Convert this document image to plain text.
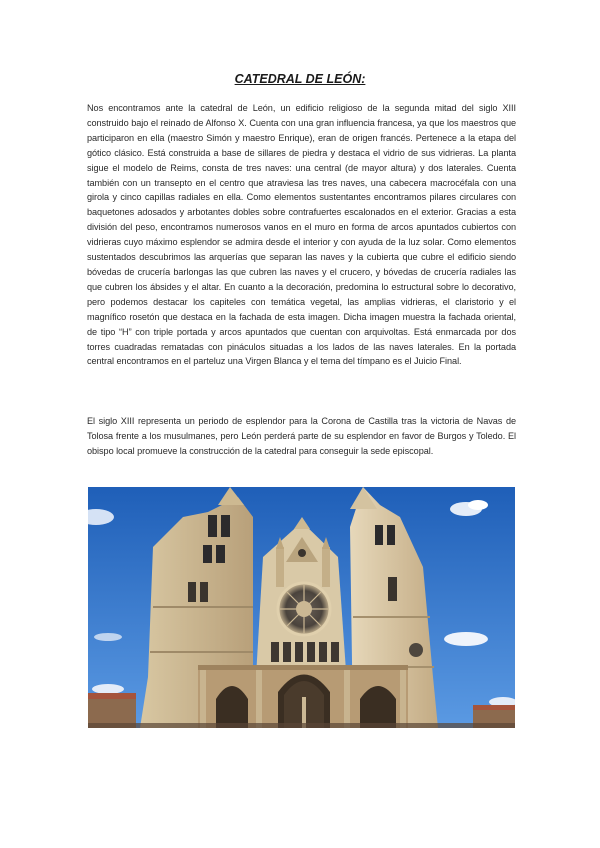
CATEDRAL DE LEÓN:

Nos encontramos ante la catedral de León, un edificio religioso de la segunda mitad del siglo XIII construido bajo el reinado de Alfonso X. Cuenta con una gran influencia francesa, ya que los maestros que participaron en ella (maestro Simón y maestro Enrique), eran de origen francés. Pertenece a la etapa del gótico clásico. Está construida a base de sillares de piedra y destaca el vidrio de sus vidrieras. La planta sigue el modelo de Reims, consta de tres naves: una central (de mayor altura) y dos laterales. Cuenta también con un transepto en el centro que atraviesa las tres naves, una cabecera macrocéfala con una girola y cinco capillas radiales en ella. Como elementos sustentantes encontramos pilares circulares con baquetones adosados y arbotantes dobles sobre contrafuertes escalonados en el exterior. Gracias a esta división del peso, encontramos numerosos vanos en el muro en forma de arcos apuntados cubiertos con vidrieras cuyo máximo esplendor se admira desde el interior y con ayuda de la luz solar. Como elementos sustentados descubrimos las arquerías que separan las naves y la cubierta que cubre el edificio siendo bóvedas de crucería barlongas las que cubren las naves y el crucero, y bóvedas de crucería radiales las que cubren los ábsides y el altar. En cuanto a la decoración, predomina lo estructural sobre lo decorativo, pero podemos destacar los capiteles con temática vegetal, las amplias vidrieras, el claristorio y el magnífico rosetón que destaca en la fachada de esta imagen. Dicha imagen muestra la fachada oriental, de tipo “H” con triple portada y arcos apuntados que cuentan con arquivoltas. Está enmarcada por dos torres cuadradas rematadas con pináculos situadas a los lados de las naves laterales. En la portada central encontramos en el parteluz una Virgen Blanca y el tema del tímpano es el Juicio Final.

El siglo XIII representa un periodo de esplendor para la Corona de Castilla tras la victoria de Navas de Tolosa frente a los musulmanes, pero León perderá parte de su esplendor en favor de Burgos y Toledo. El obispo local promueve la construcción de la catedral para conseguir la sede episcopal.
